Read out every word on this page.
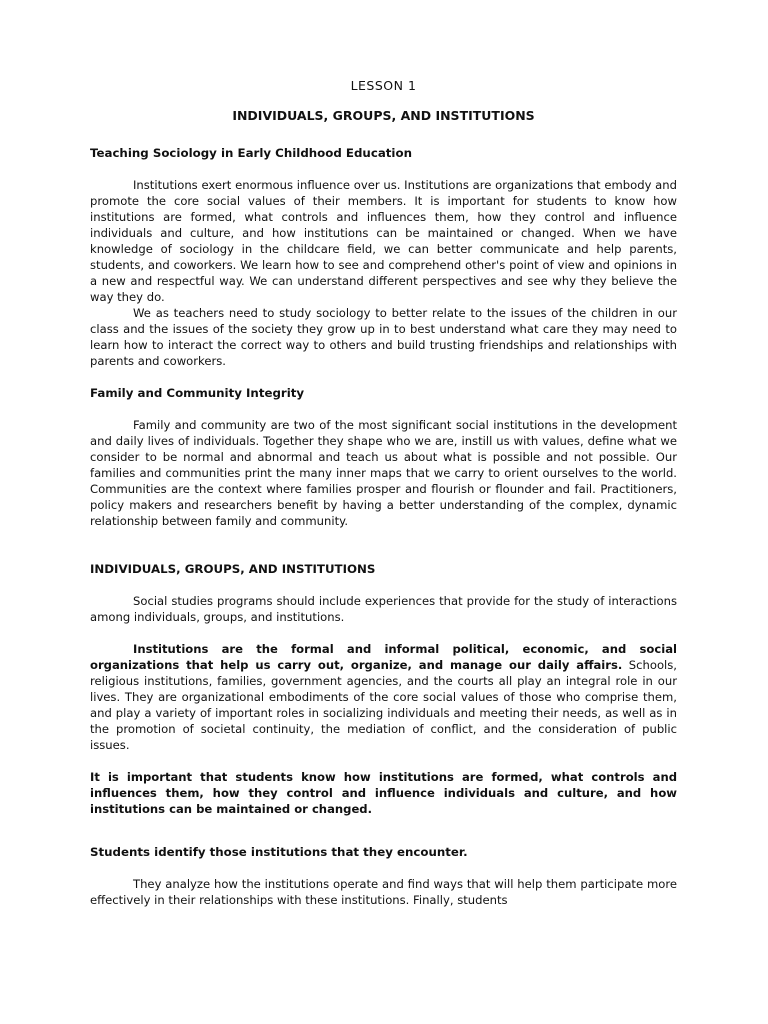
LESSON 1

INDIVIDUALS, GROUPS, AND INSTITUTIONS

Teaching Sociology in Early Childhood Education

Institutions exert enormous influence over us. Institutions are organizations that embody and promote the core social values of their members. It is important for students to know how institutions are formed, what controls and influences them, how they control and influence individuals and culture, and how institutions can be maintained or changed. When we have knowledge of sociology in the childcare field, we can better communicate and help parents, students, and coworkers. We learn how to see and comprehend other's point of view and opinions in a new and respectful way. We can understand different perspectives and see why they believe the way they do.

We as teachers need to study sociology to better relate to the issues of the children in our class and the issues of the society they grow up in to best understand what care they may need to learn how to interact the correct way to others and build trusting friendships and relationships with parents and coworkers.

Family and Community Integrity

Family and community are two of the most significant social institutions in the development and daily lives of individuals. Together they shape who we are, instill us with values, define what we consider to be normal and abnormal and teach us about what is possible and not possible. Our families and communities print the many inner maps that we carry to orient ourselves to the world. Communities are the context where families prosper and flourish or flounder and fail. Practitioners, policy makers and researchers benefit by having a better understanding of the complex, dynamic relationship between family and community.

INDIVIDUALS, GROUPS, AND INSTITUTIONS

Social studies programs should include experiences that provide for the study of interactions among individuals, groups, and institutions.

Institutions are the formal and informal political, economic, and social organizations that help us carry out, organize, and manage our daily affairs. Schools, religious institutions, families, government agencies, and the courts all play an integral role in our lives. They are organizational embodiments of the core social values of those who comprise them, and play a variety of important roles in socializing individuals and meeting their needs, as well as in the promotion of societal continuity, the mediation of conflict, and the consideration of public issues.

It is important that students know how institutions are formed, what controls and influences them, how they control and influence individuals and culture, and how institutions can be maintained or changed.

Students identify those institutions that they encounter.

They analyze how the institutions operate and find ways that will help them participate more effectively in their relationships with these institutions. Finally, students
